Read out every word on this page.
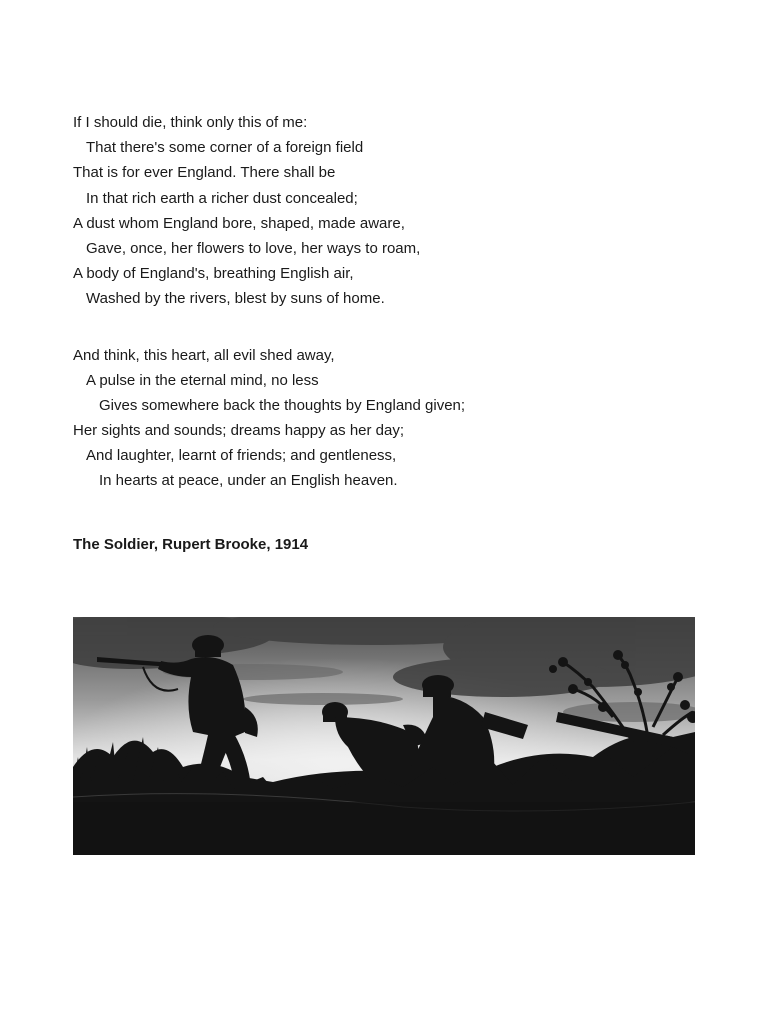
If I should die, think only this of me:
That there's some corner of a foreign field
That is for ever England. There shall be
In that rich earth a richer dust concealed;
A dust whom England bore, shaped, made aware,
Gave, once, her flowers to love, her ways to roam,
A body of England's, breathing English air,
Washed by the rivers, blest by suns of home.
And think, this heart, all evil shed away,
A pulse in the eternal mind, no less
Gives somewhere back the thoughts by England given;
Her sights and sounds; dreams happy as her day;
And laughter, learnt of friends; and gentleness,
In hearts at peace, under an English heaven.
The Soldier, Rupert Brooke, 1914
